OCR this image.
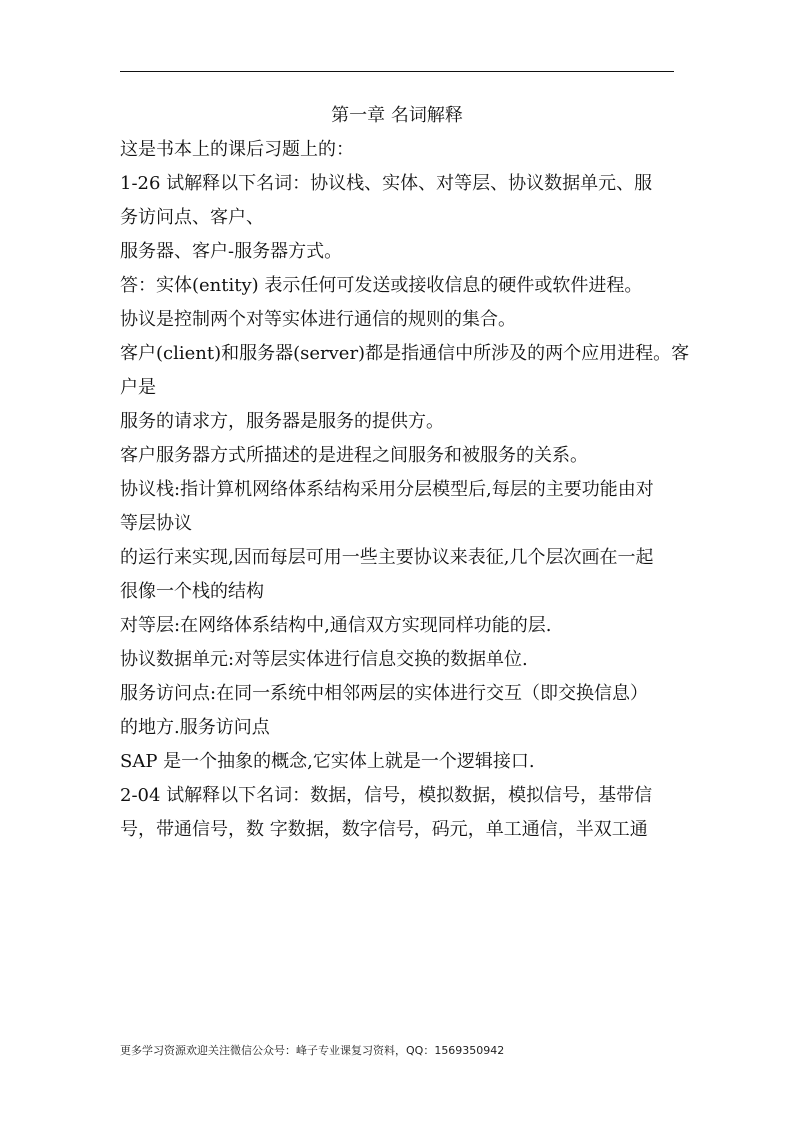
第一章 名词解释

这是书本上的课后习题上的：

1-26 试解释以下名词：协议栈、实体、对等层、协议数据单元、服

务访问点、客户、

服务器、客户-服务器方式。

答：实体(entity) 表示任何可发送或接收信息的硬件或软件进程。

协议是控制两个对等实体进行通信的规则的集合。

客户(client)和服务器(server)都是指通信中所涉及的两个应用进程。客

户是

服务的请求方，服务器是服务的提供方。

客户服务器方式所描述的是进程之间服务和被服务的关系。

协议栈:指计算机网络体系结构采用分层模型后,每层的主要功能由对

等层协议

的运行来实现,因而每层可用一些主要协议来表征,几个层次画在一起

很像一个栈的结构

对等层:在网络体系结构中,通信双方实现同样功能的层.

协议数据单元:对等层实体进行信息交换的数据单位.

服务访问点:在同一系统中相邻两层的实体进行交互（即交换信息）

的地方.服务访问点

SAP 是一个抽象的概念,它实体上就是一个逻辑接口.

2-04 试解释以下名词：数据，信号，模拟数据，模拟信号，基带信

号，带通信号，数 字数据，数字信号，码元，单工通信，半双工通

更多学习资源欢迎关注微信公众号：峰子专业课复习资料，QQ：1569350942
